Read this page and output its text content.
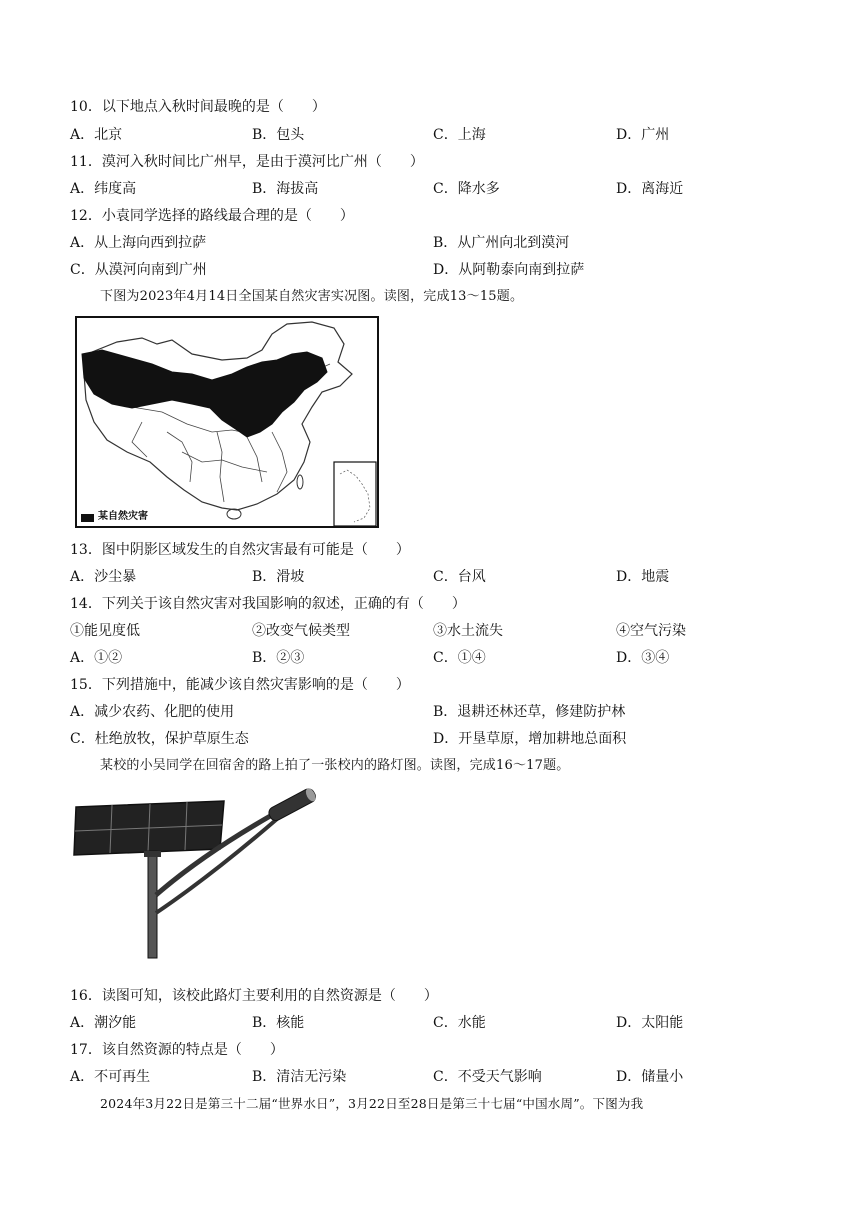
10．以下地点入秋时间最晚的是（　　）
A．北京	B．包头	C．上海	D．广州
11．漠河入秋时间比广州早，是由于漠河比广州（　　）
A．纬度高	B．海拔高	C．降水多	D．离海近
12．小袁同学选择的路线最合理的是（　　）
A．从上海向西到拉萨	B．从广州向北到漠河
C．从漠河向南到广州	D．从阿勒泰向南到拉萨
下图为2023年4月14日全国某自然灾害实况图。读图，完成13～15题。
某自然灾害
13．图中阴影区域发生的自然灾害最有可能是（　　）
A．沙尘暴	B．滑坡	C．台风	D．地震
14．下列关于该自然灾害对我国影响的叙述，正确的有（　　）
①能见度低	②改变气候类型	③水土流失	④空气污染
A．①②	B．②③	C．①④	D．③④
15．下列措施中，能减少该自然灾害影响的是（　　）
A．减少农药、化肥的使用	B．退耕还林还草，修建防护林
C．杜绝放牧，保护草原生态	D．开垦草原，增加耕地总面积
某校的小吴同学在回宿舍的路上拍了一张校内的路灯图。读图，完成16～17题。
16．读图可知，该校此路灯主要利用的自然资源是（　　）
A．潮汐能	B．核能	C．水能	D．太阳能
17．该自然资源的特点是（　　）
A．不可再生	B．清洁无污染	C．不受天气影响	D．储量小
2024年3月22日是第三十二届“世界水日”，3月22日至28日是第三十七届“中国水周”。下图为我
